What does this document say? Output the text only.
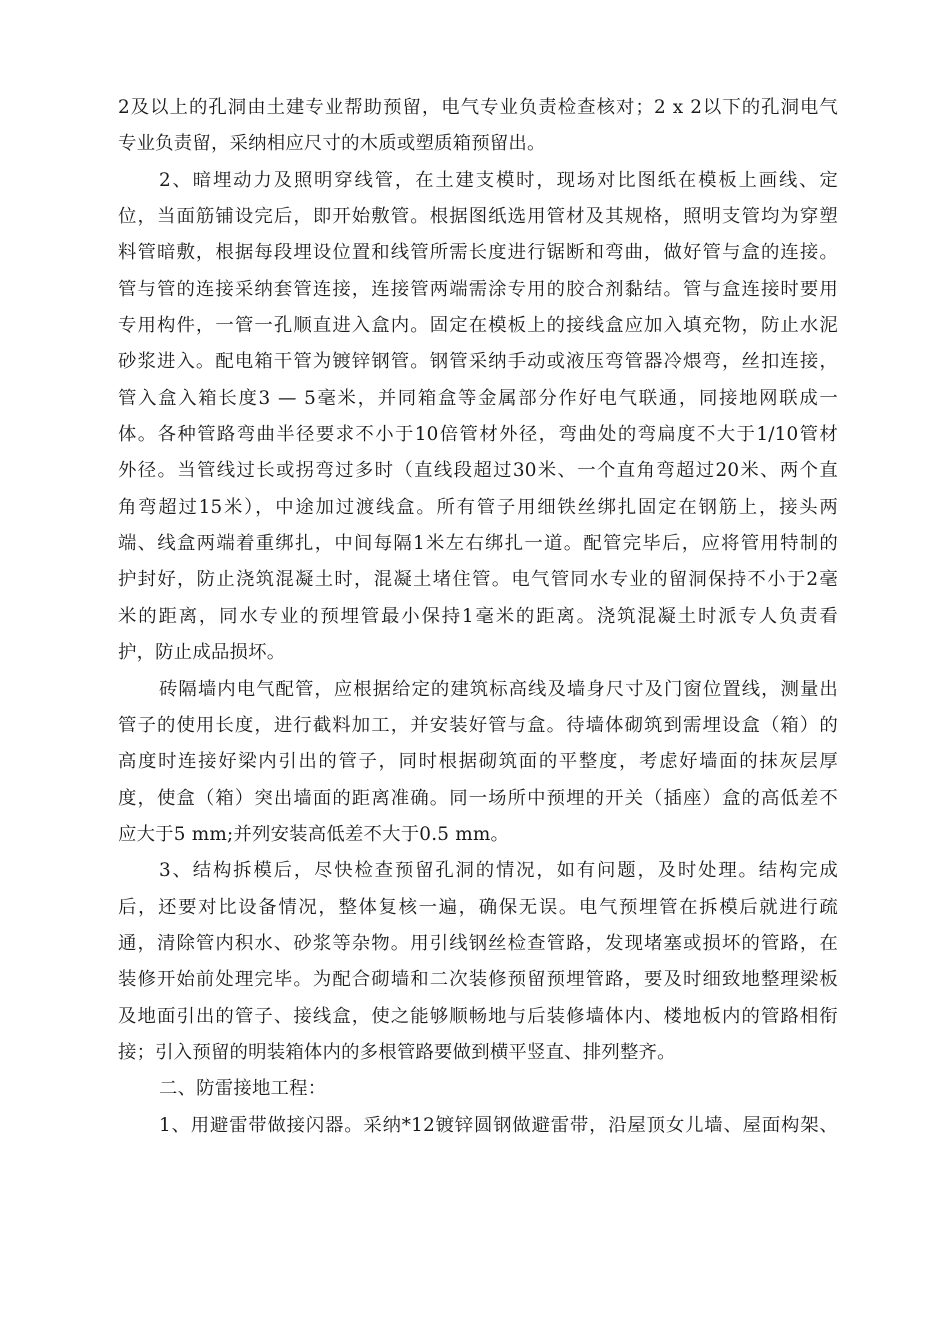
2及以上的孔洞由土建专业帮助预留，电气专业负责检查核对；2 x 2以下的孔洞电气
专业负责留，采纳相应尺寸的木质或塑质箱预留出。
2、暗埋动力及照明穿线管，在土建支模时，现场对比图纸在模板上画线、定
位，当面筋铺设完后，即开始敷管。根据图纸选用管材及其规格，照明支管均为穿塑
料管暗敷，根据每段埋设位置和线管所需长度进行锯断和弯曲，做好管与盒的连接。
管与管的连接采纳套管连接，连接管两端需涂专用的胶合剂黏结。管与盒连接时要用
专用构件，一管一孔顺直进入盒内。固定在模板上的接线盒应加入填充物，防止水泥
砂浆进入。配电箱干管为镀锌钢管。钢管采纳手动或液压弯管器冷煨弯，丝扣连接，
管入盒入箱长度3 — 5毫米，并同箱盒等金属部分作好电气联通，同接地网联成一
体。各种管路弯曲半径要求不小于10倍管材外径，弯曲处的弯扁度不大于1/10管材
外径。当管线过长或拐弯过多时（直线段超过30米、一个直角弯超过20米、两个直
角弯超过15米），中途加过渡线盒。所有管子用细铁丝绑扎固定在钢筋上，接头两
端、线盒两端着重绑扎，中间每隔1米左右绑扎一道。配管完毕后，应将管用特制的
护封好，防止浇筑混凝土时，混凝土堵住管。电气管同水专业的留洞保持不小于2毫
米的距离，同水专业的预埋管最小保持1毫米的距离。浇筑混凝土时派专人负责看
护，防止成品损坏。
砖隔墙内电气配管，应根据给定的建筑标高线及墙身尺寸及门窗位置线，测量出
管子的使用长度，进行截料加工，并安装好管与盒。待墙体砌筑到需埋设盒（箱）的
高度时连接好梁内引出的管子，同时根据砌筑面的平整度，考虑好墙面的抹灰层厚
度，使盒（箱）突出墙面的距离准确。同一场所中预埋的开关（插座）盒的高低差不
应大于5 mm;并列安装高低差不大于0.5 mm。
3、结构拆模后，尽快检查预留孔洞的情况，如有问题，及时处理。结构完成
后，还要对比设备情况，整体复核一遍，确保无误。电气预埋管在拆模后就进行疏
通，清除管内积水、砂浆等杂物。用引线钢丝检查管路，发现堵塞或损坏的管路，在
装修开始前处理完毕。为配合砌墙和二次装修预留预埋管路，要及时细致地整理梁板
及地面引出的管子、接线盒，使之能够顺畅地与后装修墙体内、楼地板内的管路相衔
接；引入预留的明装箱体内的多根管路要做到横平竖直、排列整齐。
二、防雷接地工程：
1、用避雷带做接闪器。采纳*12镀锌圆钢做避雷带，沿屋顶女儿墙、屋面构架、
